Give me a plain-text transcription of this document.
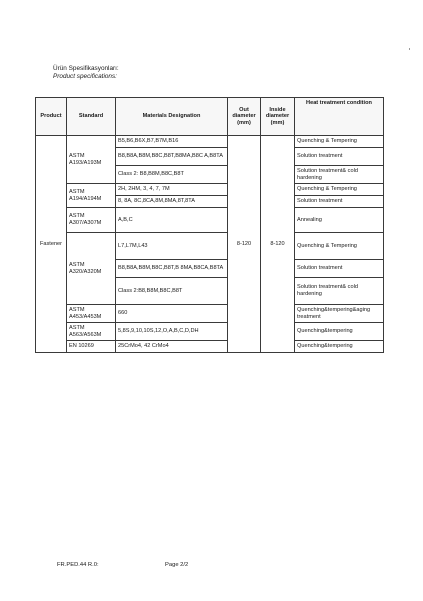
Ürün Spesifikasyonları:
Product specifications:
Product	Standard	Materials Designation	Out diameter (mm)	Inside diameter (mm)	Heat treatment condition
Fastener	ASTM A193/A193M	B5,B6,B6X,B7,B7M,B16	8-120	8-120	Quenching & Tempering
		B8,B8A,B8M,B8C,B8T,B8MA,B8C A,B8TA			Solution treatment
		Class 2: B8,B8M,B8C,B8T			Solution treatment& cold hardening
	ASTM A194/A194M	2H, 2HM, 3, 4, 7, 7M			Quenching & Tempering
		8, 8A, 8C,8CA,8M,8MA,8T,8TA			Solution treatment
	ASTM A307/A307M	A,B,C			Annealing
	ASTM A320/A320M	L7,L7M,L43			Quenching & Tempering
		B8,B8A,B8M,B8C,B8T,B 8MA,B8CA,B8TA			Solution treatment
		Class 2:B8,B8M,B8C,B8T			Solution treatment& cold hardening
	ASTM A453/A453M	660			Quenching&tempering&aging treatment
	ASTM A563/A563M	5,8S,9,10,10S,12,O,A,B,C,D,DH			Quenching&tempering
	EN 10269	25CrMo4, 42 CrMo4			Quenching&tempering
FR.PED.44 R.0:	Page 2/2
